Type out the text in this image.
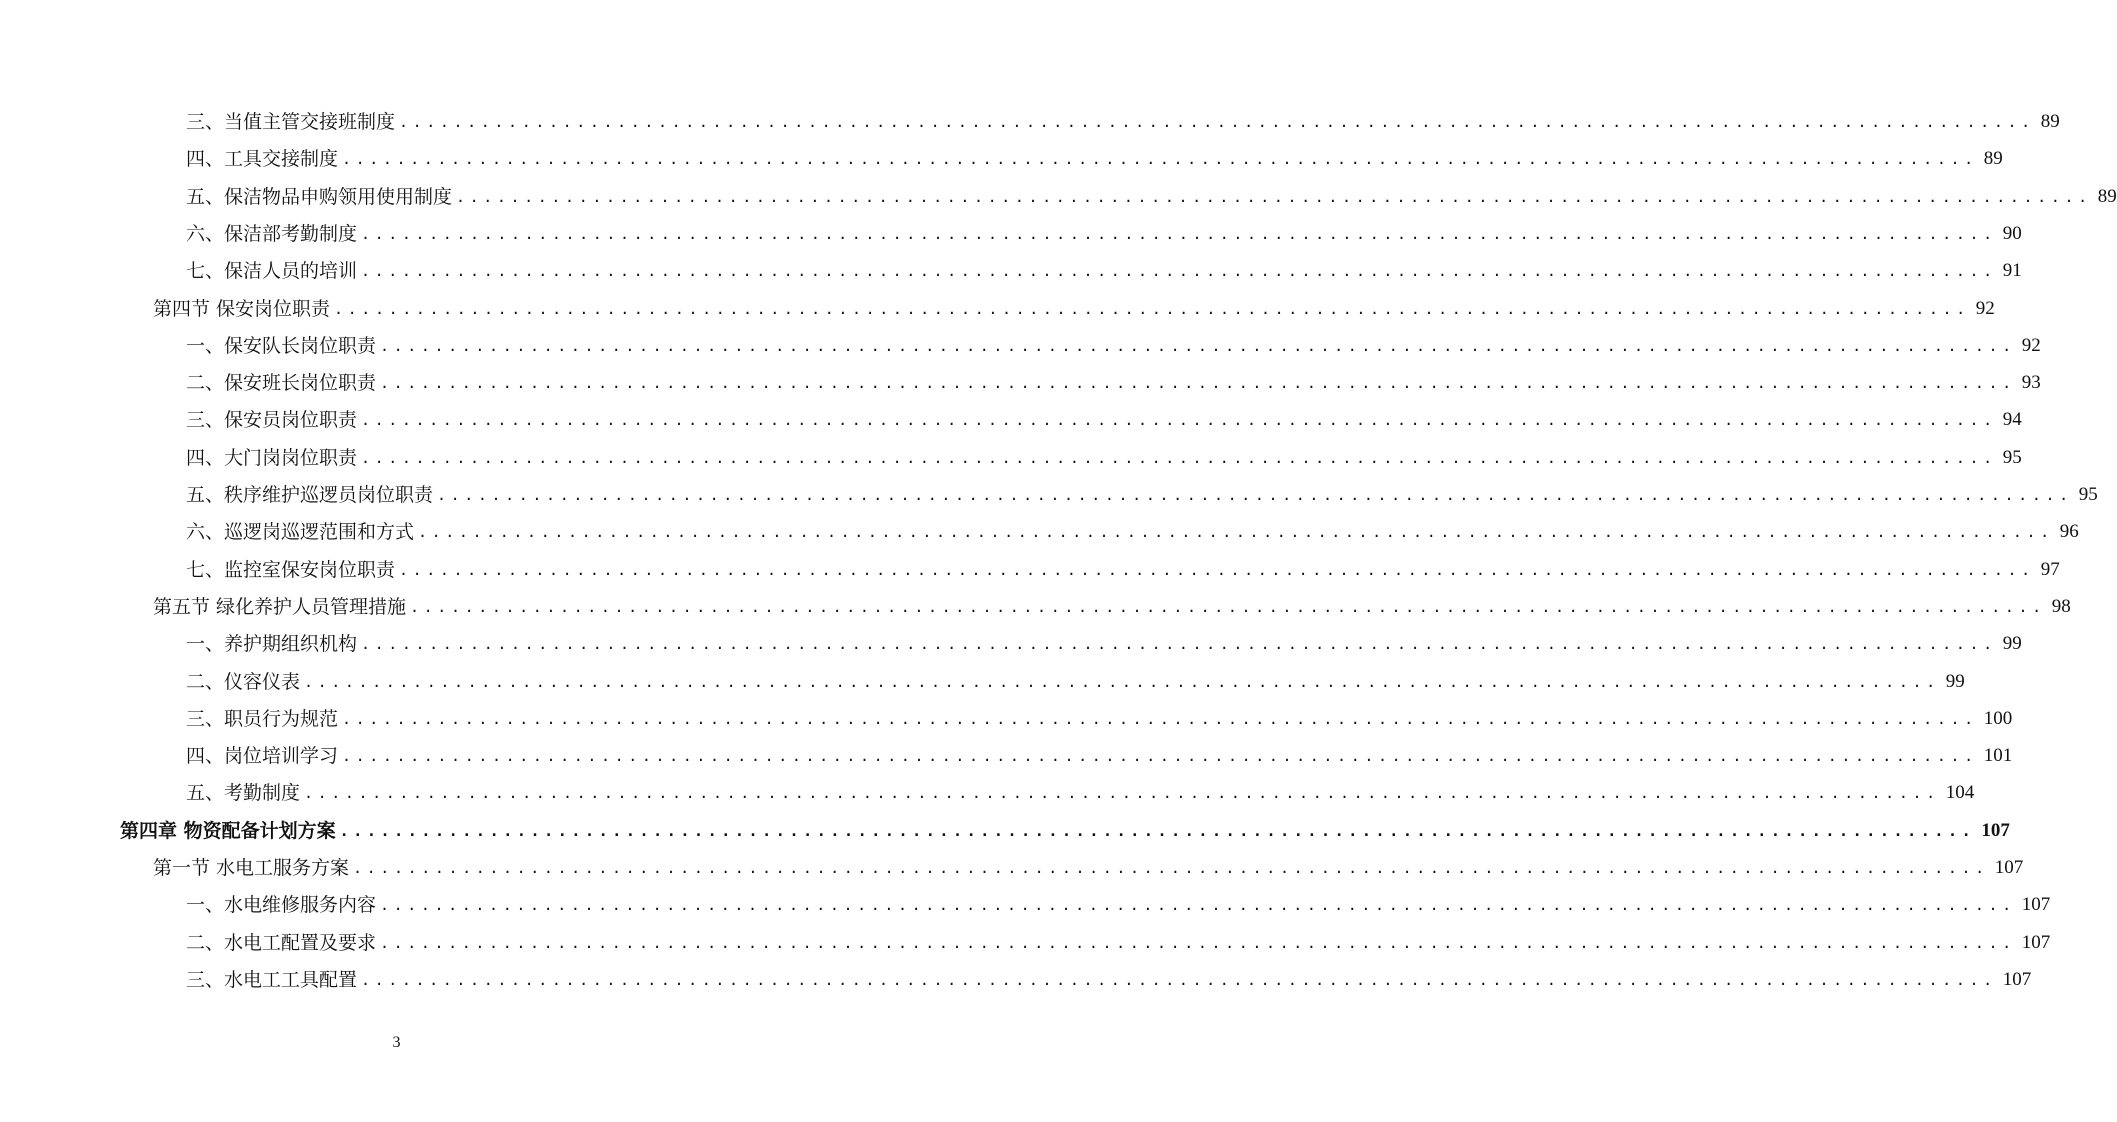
三、当值主管交接班制度 ........................................................................................................................ 89
四、工具交接制度 ........................................................................................................................ 89
五、保洁物品申购领用使用制度 ........................................................................................................................ 89
六、保洁部考勤制度 ........................................................................................................................ 90
七、保洁人员的培训 ........................................................................................................................ 91
第四节 保安岗位职责 ........................................................................................................................ 92
一、保安队长岗位职责 ........................................................................................................................ 92
二、保安班长岗位职责 ........................................................................................................................ 93
三、保安员岗位职责 ........................................................................................................................ 94
四、大门岗岗位职责 ........................................................................................................................ 95
五、秩序维护巡逻员岗位职责 ........................................................................................................................ 95
六、巡逻岗巡逻范围和方式 ........................................................................................................................ 96
七、监控室保安岗位职责 ........................................................................................................................ 97
第五节 绿化养护人员管理措施 ........................................................................................................................ 98
一、养护期组织机构 ........................................................................................................................ 99
二、仪容仪表 ........................................................................................................................ 99
三、职员行为规范 ........................................................................................................................ 100
四、岗位培训学习 ........................................................................................................................ 101
五、考勤制度 ........................................................................................................................ 104
第四章 物资配备计划方案 ........................................................................................................................ 107
第一节 水电工服务方案 ........................................................................................................................ 107
一、水电维修服务内容 ........................................................................................................................ 107
二、水电工配置及要求 ........................................................................................................................ 107
三、水电工工具配置 ........................................................................................................................ 107
3
